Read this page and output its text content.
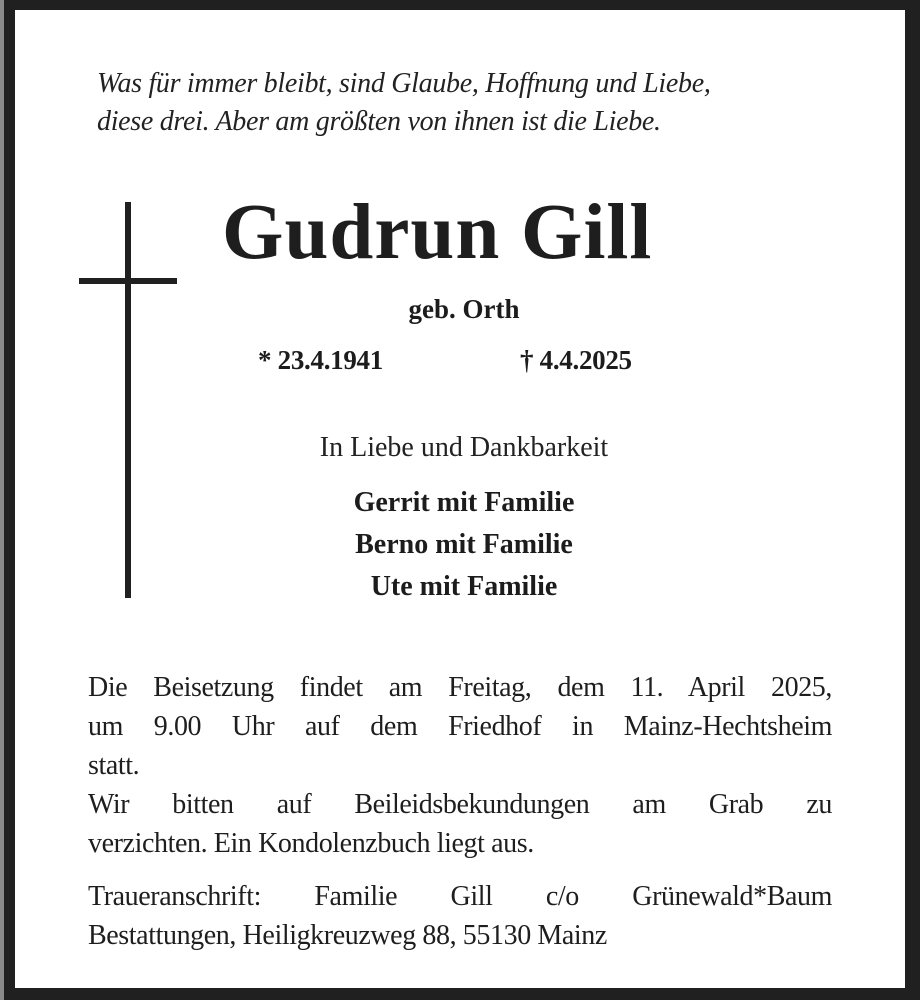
Was für immer bleibt, sind Glaube, Hoffnung und Liebe,
diese drei. Aber am größten von ihnen ist die Liebe.
Gudrun Gill
geb. Orth
* 23.4.1941	† 4.4.2025
In Liebe und Dankbarkeit
Gerrit mit Familie
Berno mit Familie
Ute mit Familie
Die Beisetzung findet am Freitag, dem 11. April 2025,
um 9.00 Uhr auf dem Friedhof in Mainz-Hechtsheim
statt.
Wir bitten auf Beileidsbekundungen am Grab zu
verzichten. Ein Kondolenzbuch liegt aus.
Traueranschrift: Familie Gill c/o Grünewald*Baum
Bestattungen, Heiligkreuzweg 88, 55130 Mainz
